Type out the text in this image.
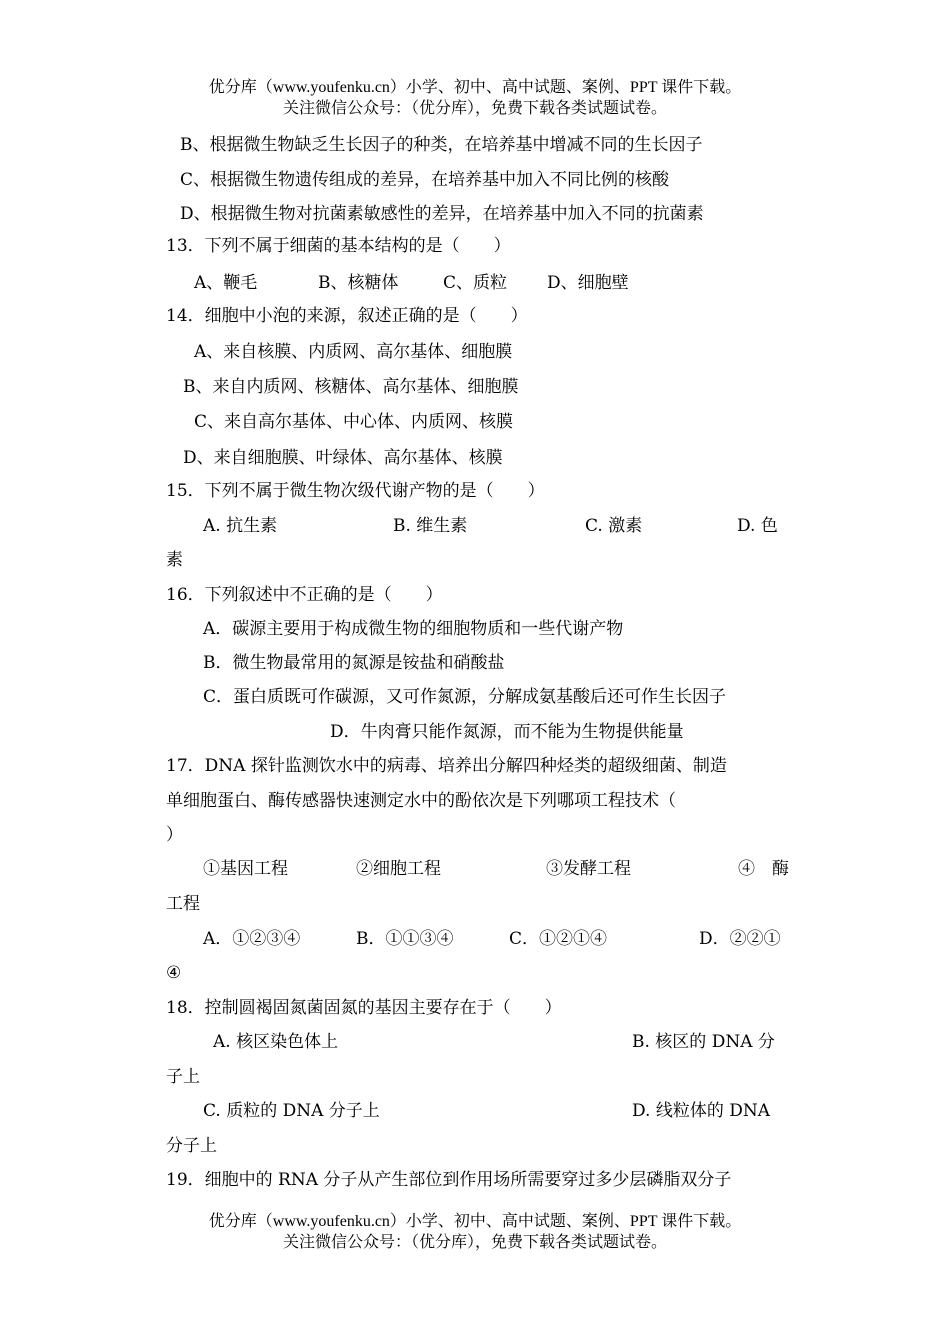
优分库（www.youfenku.cn）小学、初中、高中试题、案例、PPT 课件下载。
关注微信公众号：（优分库），免费下载各类试题试卷。
B、根据微生物缺乏生长因子的种类，在培养基中增减不同的生长因子
C、根据微生物遗传组成的差异，在培养基中加入不同比例的核酸
D、根据微生物对抗菌素敏感性的差异，在培养基中加入不同的抗菌素
13．下列不属于细菌的基本结构的是（　　）
A、鞭毛	B、核糖体	C、质粒 D、细胞壁
14．细胞中小泡的来源，叙述正确的是（　　）
A、来自核膜、内质网、高尔基体、细胞膜
B、来自内质网、核糖体、高尔基体、细胞膜
C、来自高尔基体、中心体、内质网、核膜
D、来自细胞膜、叶绿体、高尔基体、核膜
15．下列不属于微生物次级代谢产物的是（　　）
A. 抗生素	B. 维生素	C. 激素	D. 色
素
16．下列叙述中不正确的是（　　）
A．碳源主要用于构成微生物的细胞物质和一些代谢产物
B．微生物最常用的氮源是铵盐和硝酸盐
C．蛋白质既可作碳源，又可作氮源，分解成氨基酸后还可作生长因子
D．牛肉膏只能作氮源，而不能为生物提供能量
17．DNA 探针监测饮水中的病毒、培养出分解四种烃类的超级细菌、制造
单细胞蛋白、酶传感器快速测定水中的酚依次是下列哪项工程技术（
）
①基因工程	②细胞工程	③发酵工程	④　酶
工程
A．①②③④	B．①①③④	C．①②①④	D．②②①
④
18．控制圆褐固氮菌固氮的基因主要存在于（　　）
A. 核区染色体上	B. 核区的 DNA 分
子上
C. 质粒的 DNA 分子上	D. 线粒体的 DNA
分子上
19．细胞中的 RNA 分子从产生部位到作用场所需要穿过多少层磷脂双分子
优分库（www.youfenku.cn）小学、初中、高中试题、案例、PPT 课件下载。
关注微信公众号：（优分库），免费下载各类试题试卷。
